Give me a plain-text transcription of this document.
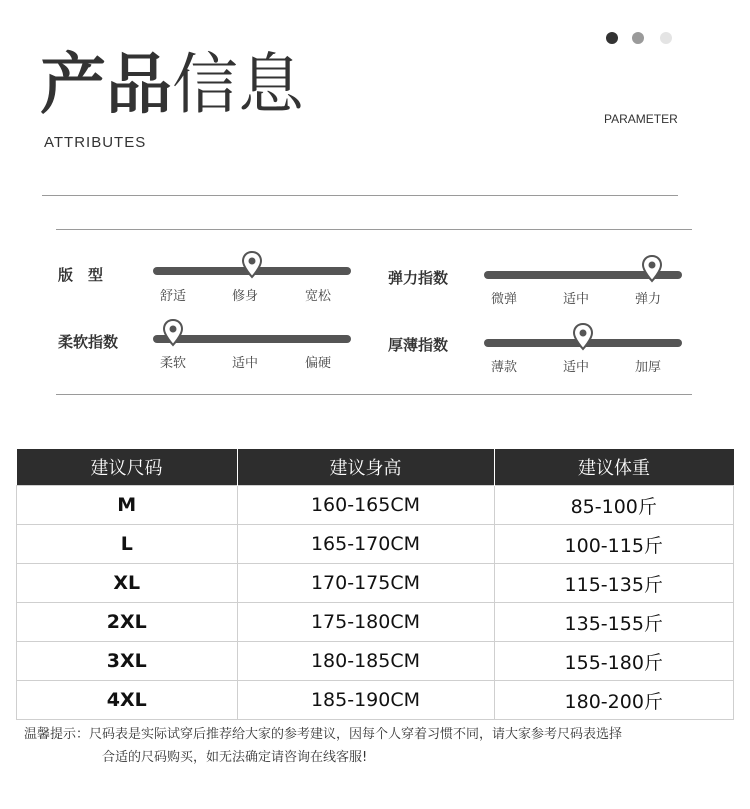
产品信息
ATTRIBUTES
PARAMETER
版　型
舒适	修身	宽松
弹力指数
微弹	适中	弹力
柔软指数
柔软	适中	偏硬
厚薄指数
薄款	适中	加厚
建议尺码	建议身高	建议体重
M	160-165CM	85-100斤
L	165-170CM	100-115斤
XL	170-175CM	115-135斤
2XL	175-180CM	135-155斤
3XL	180-185CM	155-180斤
4XL	185-190CM	180-200斤
温馨提示：尺码表是实际试穿后推荐给大家的参考建议，因每个人穿着习惯不同，请大家参考尺码表选择
合适的尺码购买，如无法确定请咨询在线客服!
